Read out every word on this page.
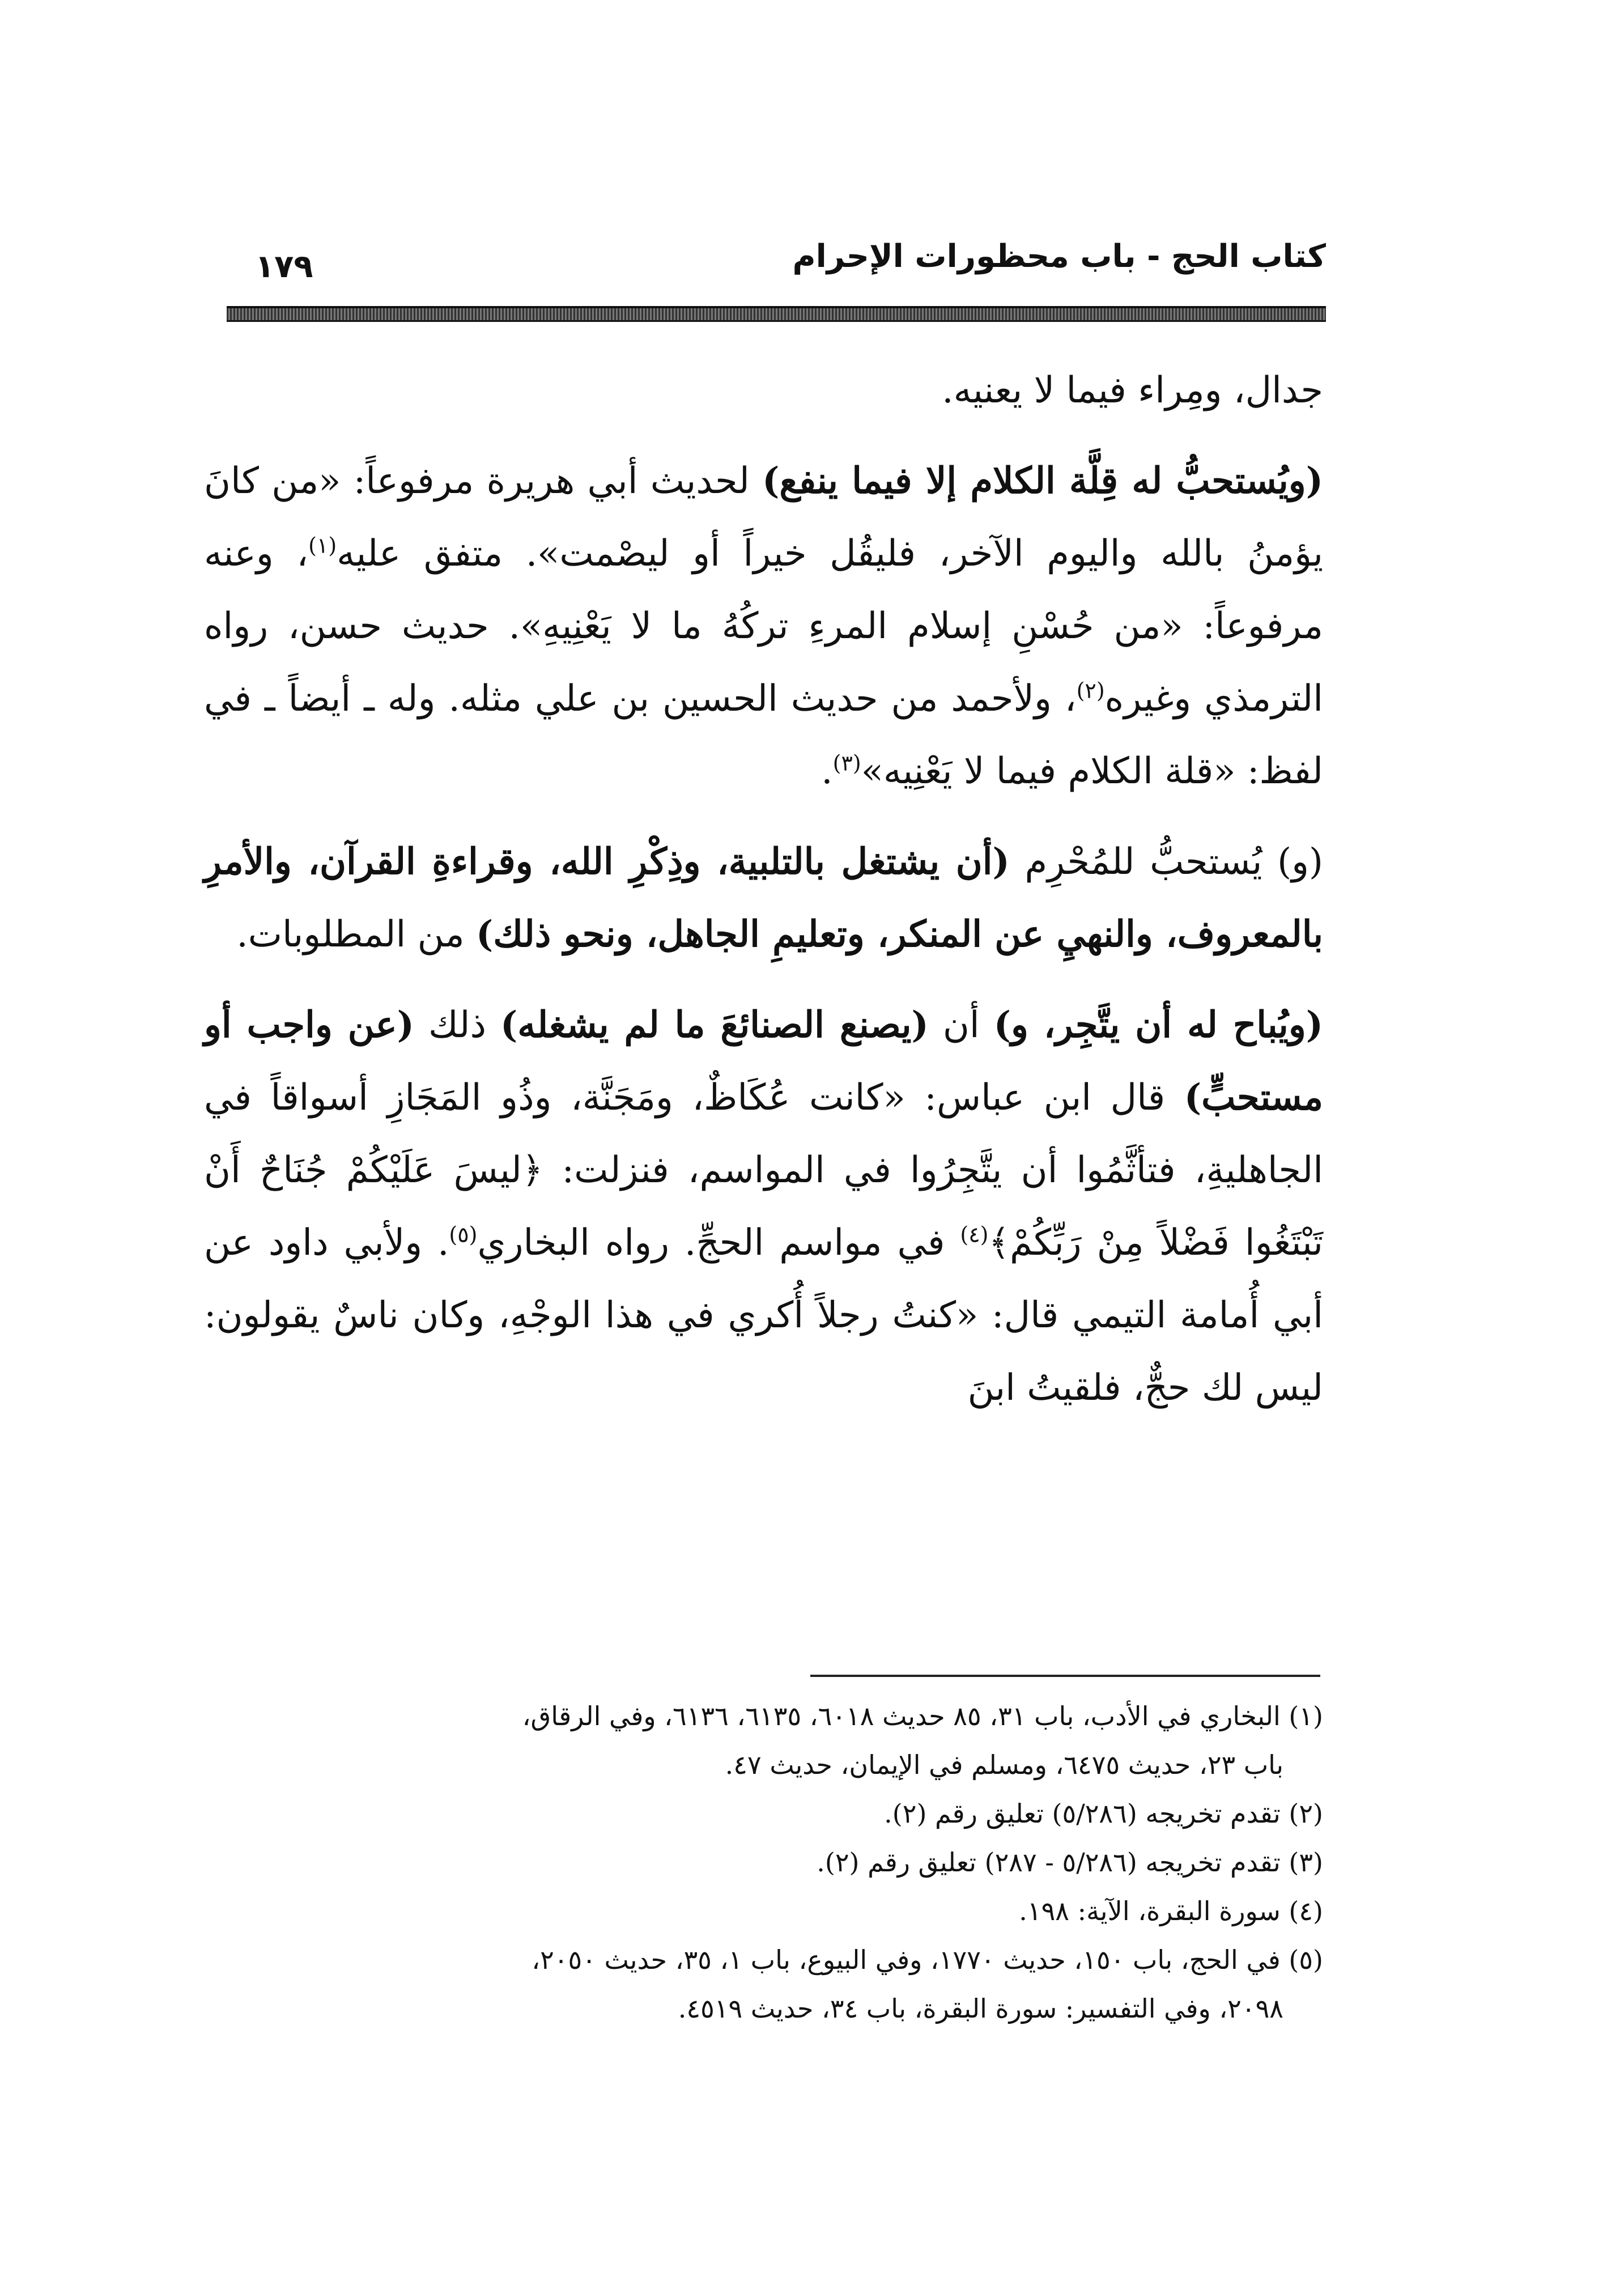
كتاب الحج - باب محظورات الإحرام
١٧٩

جدال، ومِراء فيما لا يعنيه.

(ويُستحبُّ له قِلَّة الكلام إلا فيما ينفع) لحديث أبي هريرة مرفوعاً: «من كانَ يؤمنُ بالله واليوم الآخر، فليقُل خيراً أو ليصْمت». متفق عليه$^{(١)}$، وعنه مرفوعاً: «من حُسْنِ إسلام المرءِ تركُهُ ما لا يَعْنِيهِ». حديث حسن، رواه الترمذي وغيره$^{(٢)}$، ولأحمد من حديث الحسين بن علي مثله. وله ـ أيضاً ـ في لفظ: «قلة الكلام فيما لا يَعْنِيه»$^{(٣)}$.

(و) يُستحبُّ للمُحْرِم (أن يشتغل بالتلبية، وذِكْرِ الله، وقراءةِ القرآن، والأمرِ بالمعروف، والنهيِ عن المنكر، وتعليمِ الجاهل، ونحو ذلك) من المطلوبات.

(ويُباح له أن يتَّجِر، و) أن (يصنع الصنائعَ ما لم يشغله) ذلك (عن واجب أو مستحبٍّ) قال ابن عباس: «كانت عُكَاظٌ، ومَجَنَّة، وذُو المَجَازِ أسواقاً في الجاهليةِ، فتأثَّمُوا أن يتَّجِرُوا في المواسم، فنزلت: ﴿ليسَ عَلَيْكُمْ جُنَاحٌ أَنْ تَبْتَغُوا فَضْلاً مِنْ رَبِّكُمْ﴾$^{(٤)}$ في مواسم الحجِّ. رواه البخاري$^{(٥)}$. ولأبي داود عن أبي أُمامة التيمي قال: «كنتُ رجلاً أُكري في هذا الوجْهِ، وكان ناسٌ يقولون: ليس لك حجٌّ، فلقيتُ ابنَ

(١) البخاري في الأدب، باب ٣١، ٨٥ حديث ٦٠١٨، ٦١٣٥، ٦١٣٦، وفي الرقاق،

باب ٢٣، حديث ٦٤٧٥، ومسلم في الإيمان، حديث ٤٧.

(٢) تقدم تخريجه (٥/٢٨٦) تعليق رقم (٢).

(٣) تقدم تخريجه (٥/٢٨٦ - ٢٨٧) تعليق رقم (٢).

(٤) سورة البقرة، الآية: ١٩٨.

(٥) في الحج، باب ١٥٠، حديث ١٧٧٠، وفي البيوع، باب ١، ٣٥، حديث ٢٠٥٠،

٢٠٩٨، وفي التفسير: سورة البقرة، باب ٣٤، حديث ٤٥١٩.
